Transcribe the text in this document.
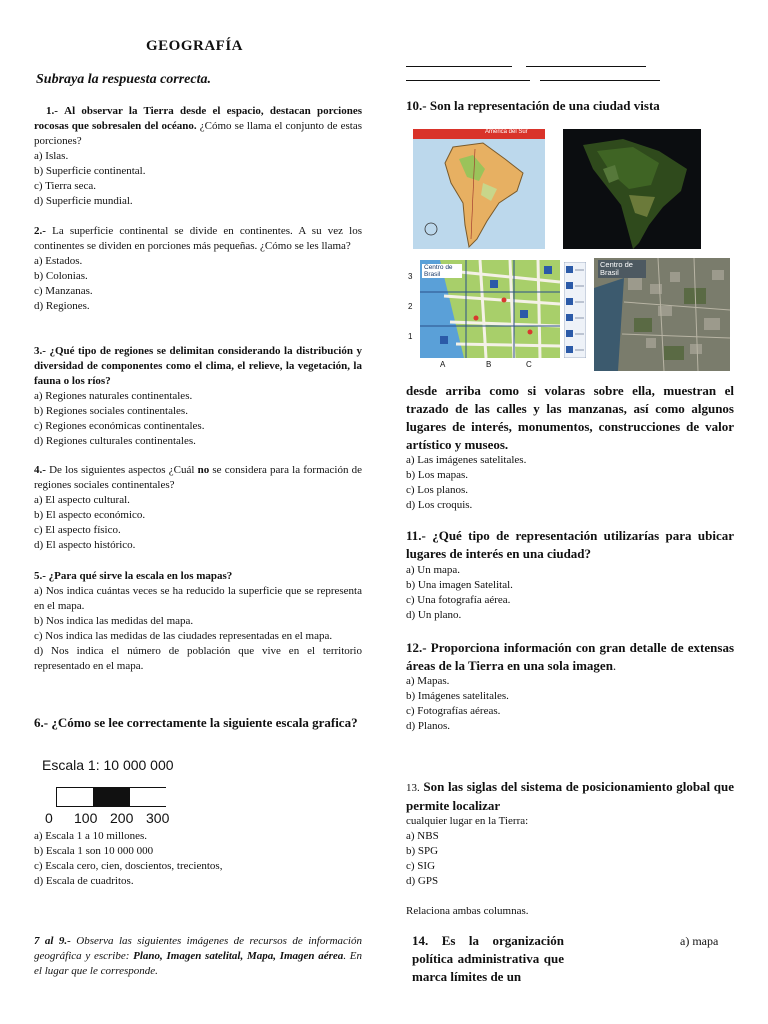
GEOGRAFÍA
Subraya la respuesta correcta.

1.- Al observar la Tierra desde el espacio, destacan porciones rocosas que sobresalen del océano. ¿Cómo se llama el conjunto de estas porciones?

a) Islas.
b) Superficie continental.
c) Tierra seca.
d) Superficie mundial.

2.- La superficie continental se divide en continentes. A su vez los continentes se dividen en porciones más pequeñas. ¿Cómo se les llama?

a) Estados.
b) Colonias.
c) Manzanas.
d) Regiones.

3.- ¿Qué tipo de regiones se delimitan considerando la distribución y diversidad de componentes como el clima, el relieve, la vegetación, la fauna o los ríos?

a) Regiones naturales continentales.
b) Regiones sociales continentales.
c) Regiones económicas continentales.
d) Regiones culturales continentales.

4.- De los siguientes aspectos ¿Cuál no se considera para la formación de regiones sociales continentales?

a) El aspecto cultural.
b) El aspecto económico.
c) El aspecto físico.
d) El aspecto histórico.

5.- ¿Para qué sirve la escala en los mapas?

a) Nos indica cuántas veces se ha reducido la superficie que se representa en el mapa.

b) Nos indica las medidas del mapa.

c) Nos indica las medidas de las ciudades representadas en el mapa.

d) Nos indica el número de población que vive en el territorio representado en el mapa.

6.- ¿Cómo se lee correctamente la siguiente escala grafica?
Escala 1: 10 000 000
0 100 200 300
a) Escala 1 a 10 millones.
b) Escala 1 son 10 000 000
c) Escala cero, cien, doscientos, trecientos,
d) Escala de cuadritos.

7 al 9.- Observa las siguientes imágenes de recursos de información geográfica y escribe: Plano, Imagen satelital, Mapa, Imagen aérea. En el lugar que le corresponde.

10.- Son la representación de una ciudad vista
América del Sur
3
2
1
Centro de Brasil
A	B	C
Centro de Brasil
desde arriba como si volaras sobre ella, muestran el trazado de las calles y las manzanas, así como algunos lugares de interés, monumentos, construcciones de valor artístico y museos.
a) Las imágenes satelitales.
b) Los mapas.
c) Los planos.
d) Los croquis.
11.- ¿Qué tipo de representación utilizarías para ubicar lugares de interés en una ciudad?
a) Un mapa.
b) Una imagen Satelital.
c) Una fotografía aérea.
d) Un plano.
12.- Proporciona información con gran detalle de extensas áreas de la Tierra en una sola imagen.
a) Mapas.
b) Imágenes satelitales.
c) Fotografías aéreas.
d) Planos.
13. Son las siglas del sistema de posicionamiento global que permite localizar
cualquier lugar en la Tierra:
a) NBS
b) SPG
c) SIG
d) GPS
Relaciona ambas columnas.
14. Es la organización política administrativa que marca límites de un
a) mapa
